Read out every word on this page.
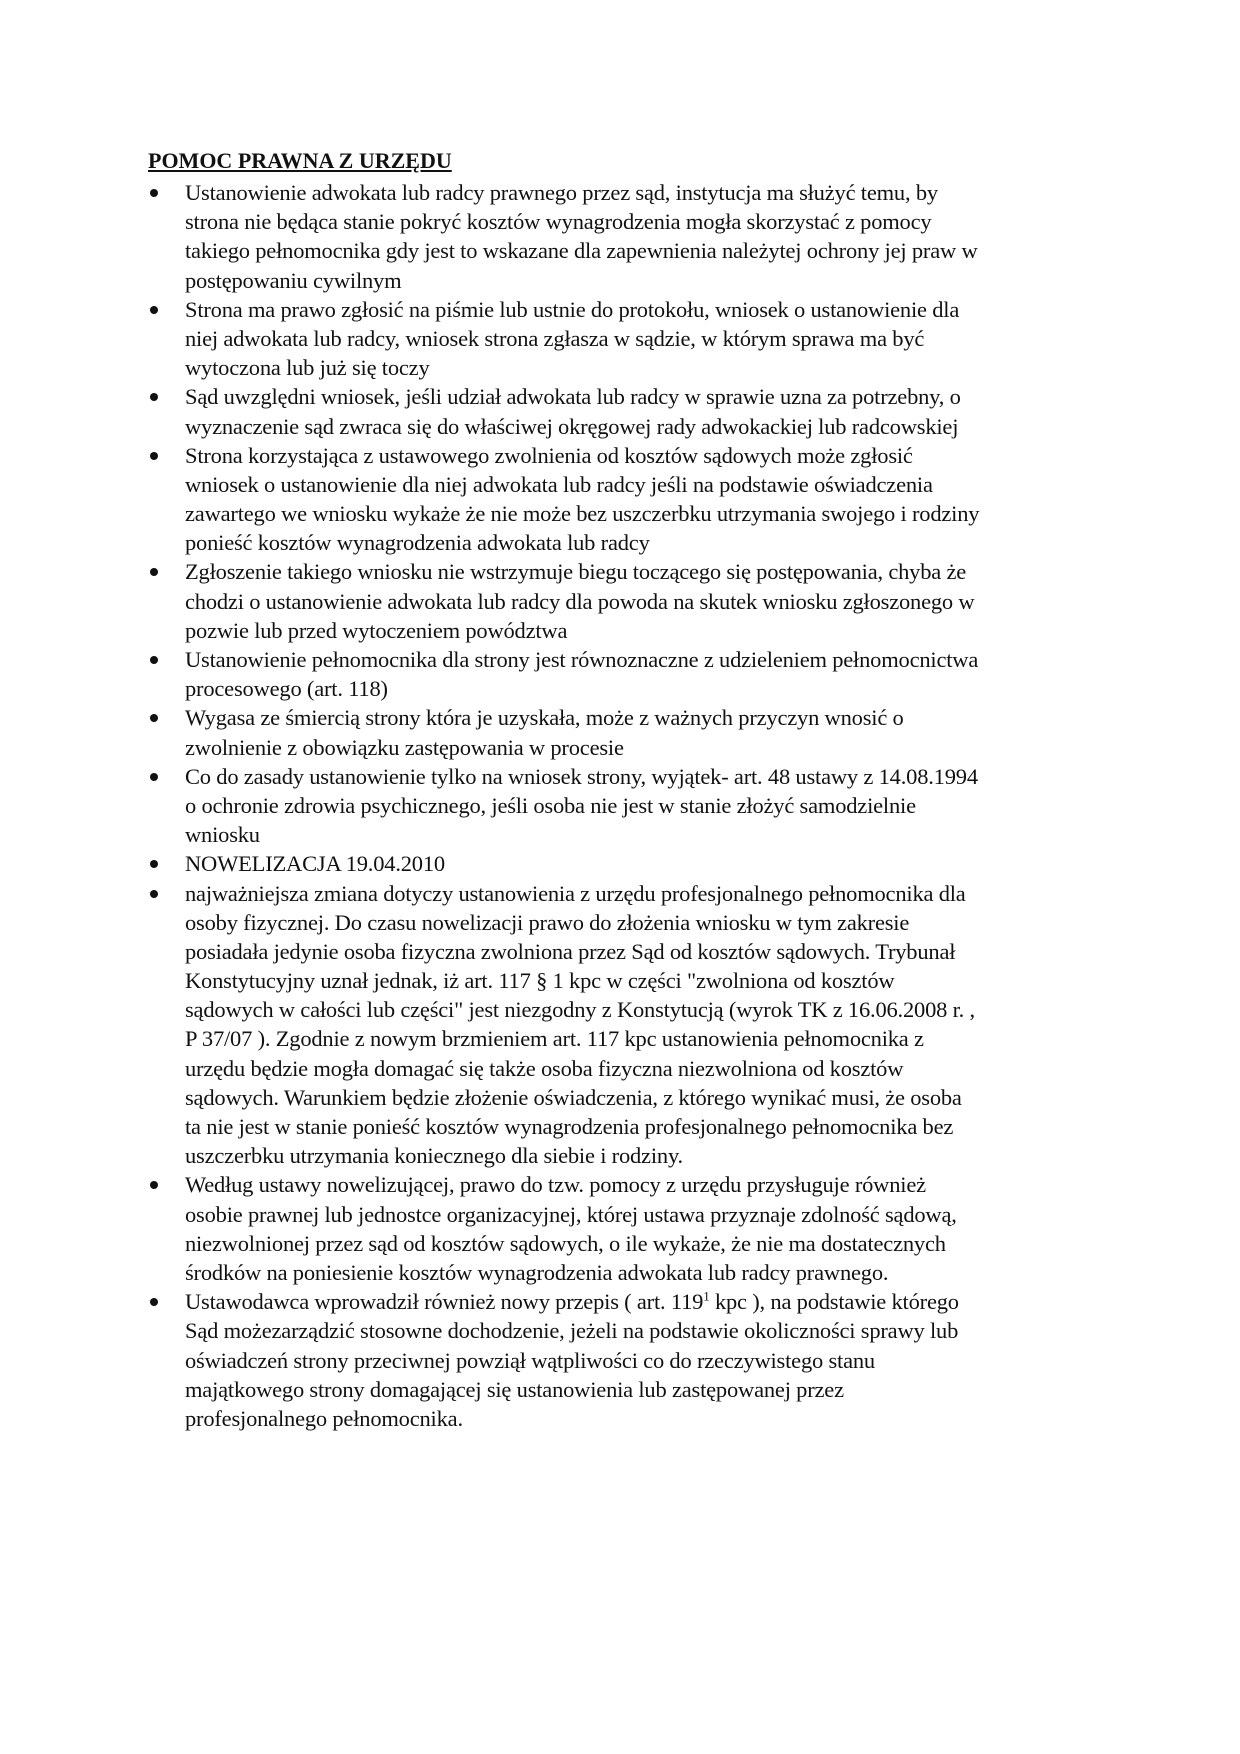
POMOC PRAWNA Z URZĘDU
Ustanowienie adwokata lub radcy prawnego przez sąd, instytucja ma służyć temu, by
strona nie będąca stanie pokryć kosztów wynagrodzenia mogła skorzystać z pomocy
takiego pełnomocnika gdy jest to wskazane dla zapewnienia należytej ochrony jej praw w
postępowaniu cywilnym
Strona ma prawo zgłosić na piśmie lub ustnie do protokołu, wniosek o ustanowienie dla
niej adwokata lub radcy, wniosek strona zgłasza w sądzie, w którym sprawa ma być
wytoczona lub już się toczy
Sąd uwzględni wniosek, jeśli udział adwokata lub radcy w sprawie uzna za potrzebny, o
wyznaczenie sąd zwraca się do właściwej okręgowej rady adwokackiej lub radcowskiej
Strona korzystająca z ustawowego zwolnienia od kosztów sądowych może zgłosić
wniosek o ustanowienie dla niej adwokata lub radcy jeśli na podstawie oświadczenia
zawartego we wniosku wykaże że nie może bez uszczerbku utrzymania swojego i rodziny
ponieść kosztów wynagrodzenia adwokata lub radcy
Zgłoszenie takiego wniosku nie wstrzymuje biegu toczącego się postępowania, chyba że
chodzi o ustanowienie adwokata lub radcy dla powoda na skutek wniosku zgłoszonego w
pozwie lub przed wytoczeniem powództwa
Ustanowienie pełnomocnika dla strony jest równoznaczne z udzieleniem pełnomocnictwa
procesowego (art. 118)
Wygasa ze śmiercią strony która je uzyskała, może z ważnych przyczyn wnosić o
zwolnienie z obowiązku zastępowania w procesie
Co do zasady ustanowienie tylko na wniosek strony, wyjątek- art. 48 ustawy z 14.08.1994
o ochronie zdrowia psychicznego, jeśli osoba nie jest w stanie złożyć samodzielnie
wniosku
NOWELIZACJA 19.04.2010
najważniejsza zmiana dotyczy ustanowienia z urzędu profesjonalnego pełnomocnika dla
osoby fizycznej. Do czasu nowelizacji prawo do złożenia wniosku w tym zakresie
posiadała jedynie osoba fizyczna zwolniona przez Sąd od kosztów sądowych. Trybunał
Konstytucyjny uznał jednak, iż art. 117 § 1 kpc w części "zwolniona od kosztów
sądowych w całości lub części" jest niezgodny z Konstytucją (wyrok TK z 16.06.2008 r. ,
P 37/07 ). Zgodnie z nowym brzmieniem art. 117 kpc ustanowienia pełnomocnika z
urzędu będzie mogła domagać się także osoba fizyczna niezwolniona od kosztów
sądowych. Warunkiem będzie złożenie oświadczenia, z którego wynikać musi, że osoba
ta nie jest w stanie ponieść kosztów wynagrodzenia profesjonalnego pełnomocnika bez
uszczerbku utrzymania koniecznego dla siebie i rodziny.
Według ustawy nowelizującej, prawo do tzw. pomocy z urzędu przysługuje również
osobie prawnej lub jednostce organizacyjnej, której ustawa przyznaje zdolność sądową,
niezwolnionej przez sąd od kosztów sądowych, o ile wykaże, że nie ma dostatecznych
środków na poniesienie kosztów wynagrodzenia adwokata lub radcy prawnego.
Ustawodawca wprowadził również nowy przepis ( art. $119^1$ kpc ), na podstawie którego
Sąd możezarządzić stosowne dochodzenie, jeżeli na podstawie okoliczności sprawy lub
oświadczeń strony przeciwnej powziął wątpliwości co do rzeczywistego stanu
majątkowego strony domagającej się ustanowienia lub zastępowanej przez
profesjonalnego pełnomocnika.
